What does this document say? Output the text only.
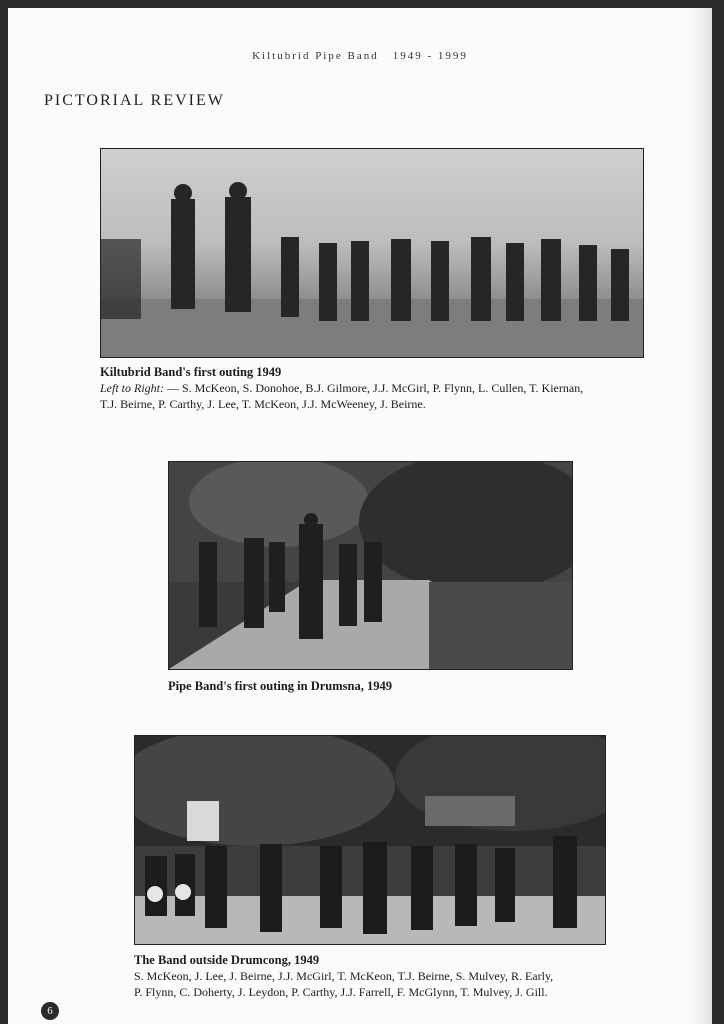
Kiltubrid Pipe Band 1949 - 1999
PICTORIAL REVIEW
Kiltubrid Band's first outing 1949
Left to Right: — S. McKeon, S. Donohoe, B.J. Gilmore, J.J. McGirl, P. Flynn, L. Cullen, T. Kiernan,
T.J. Beirne, P. Carthy, J. Lee, T. McKeon, J.J. McWeeney, J. Beirne.
Pipe Band's first outing in Drumsna, 1949
The Band outside Drumcong, 1949
S. McKeon, J. Lee, J. Beirne, J.J. McGirl, T. McKeon, T.J. Beirne, S. Mulvey, R. Early,
P. Flynn, C. Doherty, J. Leydon, P. Carthy, J.J. Farrell, F. McGlynn, T. Mulvey, J. Gill.
6
